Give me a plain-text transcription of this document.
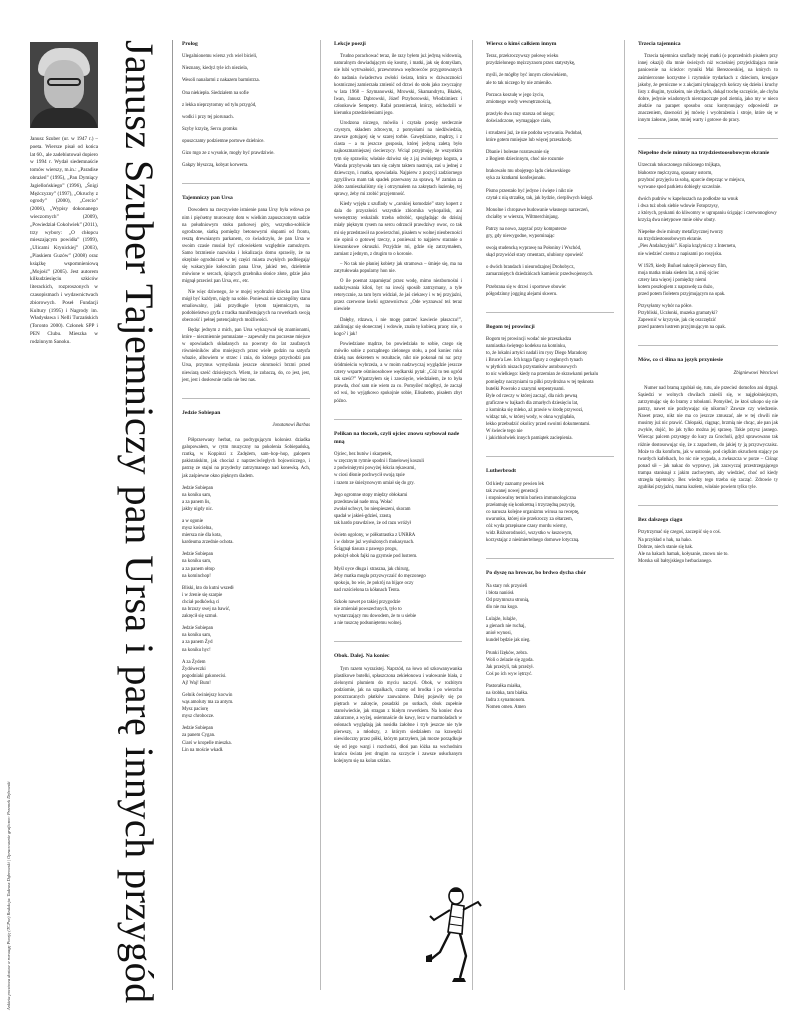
Janusz Szuber (ur. w 1947 r.) – poeta. Wiersze pisał od końca lat 60., ale zadebiutował dopiero w 1994 r. Wydał siedemnaście tomów wierszy, m.in.: „Paradise obrażeń” (1995), „Pan Dymiący Jagiellońskiego” (1996), „Śnigi Mężczyzny” (1997), „Okruchy z ogrody” (2000), „Cercio” (2006), „Wypisy dokonanego wieczornych” (2009), „Powiedział Cokolwiek” (2011), trzy wybory: „O chłopcu mieszającym powidła” (1999), „Ulicami Krynickiej” (2003), „Piaskiem Guzów” (2008) oraz książkę wspomnieniową „Mojość” (2005). Jest autorem kilkudziesięciu szkiców literackich, rozproszonych w czasopismach i wydawnictwach zbiorowych. Poseł Fundacji Kultury (1995) i Nagrody im. Władysława i Nelli Turzańskich (Toronto 2000). Członek SPP i PEN Clubu. Mieszka w rodzinnym Sanoku.
Ankieta pocztowa dostaw w rozwagę Poezję (TCPoe) Redakcja: Tadeusz Dąbrowski | Opracowanie graficzne: Przemek Dębowski	Janusz Szuber Tajemniczy pan Ursa i parę innych przygód	Prolog

Ulegalnionemu wiersz ych wiel bicieli,

Nieznany, kiedyż tyle ich nieziela,

Wesoli nanalarmi z nakazem barmistrza.

Ona niekiepła. Siedziałem na sofie

z lekka nieprzytomny od tylu przygód,

wodki i przy tej piorunach.

Szyby krzyżę, Sercu gromku

opuszczamy podziemne portowe dzielnice.

Gizo mgo ze z wysokie, mogły być prawdziwie.

Gałązy błyszczą, kobyat korwerta.

Tajemniczy pan Ursa

Dowodem na rzeczywiste istnienie pana Ursy była wdowa po nim i pięćsetny murowany dom w wielkim zapuszczonym sadzie na południowym stoku parkowej góry, wszystko-sobiście ogrodzone, siatką pomiędzy betonowymi słupami od frontu, resztą drewnianym parkanem, co świadczyło, że pan Ursa w swoim czasie musiał być człowiekiem względnie zamożnym. Samo brzmienie nazwiska i lokalizacja domu sprawiły, że na okrężnie ogrodniczeń w tej części miasta zwykłych podbiegają/ się wakacyjnie kołowzim pana Urse, jakież ten, dzieletnie mówione w sercach, śpiących grzebnika słońce złote, gdzie jako mignął przecież pan Ursa, etc., etc.

Nie więc dziwnego, że w mojej wyobraźni dziecka pan Ursa mógł być każdym, nigdy na sobie. Ponieważ nie szczególny stanu emaliowalny, jaki przydługie łytom tajemniczym, na podobieństwo gryfa z tradka manifestujących na rowerkach swoją obecność i pełnej potencjalnych możliwości.

Będąc jednym z mich, pan Ursa wykazywał się znamionami, które – niezmiennie pomnażane – zapewniły mu poczesne miejsce w opowiadach składanych na powroty do lat zaufanych równieśników albo mniejszych przez wiele godzin na satysfa wbazie, albowiem w strzec i znia, do którego przychodzi pan Ursa, przymus wymyślania jeszcze okrutności brzmi przed niewiarą sześć dzisiejszych. Wiem, że zobaczą, do, co jest, jest, jest, jest i dosłownie radio nie bez nas.

Jedzie Sobiepan
Jonatanowi Barbas

Półprzerwany herbat, na podrygującym koloniez dziadka galopowałem, w rytm muzyczny na pokolenia Sobiepańską, rzutką, w Koppinzi z Zadężem, sam–hop–hop, galopem pakistańskim, jak chociaż z naprzeciwległych bojowniczego, i patrzę ze stajni na przydechy zatrzymanego nad konewką. Ach, jak zaśpiewne okno pięknym śladem.

Jedzie Sobiepan
na koniku sam,
a za panem lis,
jakby nigdy nic.

a w ogonie
mysz kościelna,
miersza nie dla kota,
kardeuma zrzednie ochota.

Jedzie Sobiepan
na koniku sam,
a za panem ołtop
na kominchop!

Bliski, kto do kutni wszedł
i w źrenie się szarpie
chciał podkówką ci
na brzozy swej na bawić,
zakręcił się szmuł.

Jedzie Sobiepan
na koniku sam,
a za panem Żyd
na koniku hyc!

A za Żydem
Żydóweczki
pogodniaki gakonecisi.
Aj! Waj! Bum!

Gelnik ówiniejszy kocwin
wąs amoluty ma za antym.
Mysz paciorę
mysz chrobocze.

Jedzie Sobiepan
za panem Cygan.
Ciarś w kropelle mieszka.
Lin na moście wkadł.

Lekcje poezji

Trudno porachować teraz, ile razy byłem już jedyną widownią, naturalnym dowiadującym się kosmy, i matki, jak się domyślam, nie lubi wytrwałości, przewrotowa wędrowców przygotowanych do nadania świadectwa zwłoki świata, która w dziwaczności kosmicznej zamierzała zmienić od drzwi do stołu jako zwyczajny w lata 1968 – Szymanowski, Mrowski, Skamandrytu, Błażek, Iwan, Janusz Dąbrowski, Józef Przyborowski, Włodzimierz i członkowie Sempetry. Rafał przemierzał, którzy, odchodzili w kierunku przedzieleniami jego.

Urodzona niczego, mówiła i czytała poezję serdecznie czystym, składem zdrowym, z pomysłami na niedźwiedzia, zawsze gotującej się w szarej torbie. Gawędziarze, mądrzy, i z ciasta – a tu jeszcze gosposia, której jedyną zaletą było najkoszmarniejszej ciecierzycy. Wciąż przyjmuję, że wszystkim tym się sprawiła; właśnie dziwisz się z jaj zwiniętego koguta, a Wanda przybywała tam się całym taktem nastroju, zaś u jednej z dziewczyn, i matka, opowiadała. Najpierw z pozycji zadziornego zgryźliwca mam tak spadek przerwany za sprawą. W zamian za żółto zamieszkaliśmy się i otrzymałem na zakrętach łazienkę, tej sprawy, żeby mi zrobić przyjemność.

Kiedy wyjęła z szuflady w „carskiej komodzie” stary kopert z dala do przyszłości wszystkie zbiornika wykopalisk, ani wewnętrzny wskaźnik trzeba odrobić, spoglądając do dzisiaj miały pięknym rysem na sercu odrzucił prawdziwy owoc, co tak mi się przedstawił na powierzchni, pisałem w wolnej nieobecności nie opinii o gotowej rzeczy, a ponieważ to najpierw staranie o kieszonkowe okruszki. Przyjdzie mi, gdzie się zatrzymałem, zamiast z jednym, z drugim to o koronie.

– No tak nie płaniej kobiety jak stramowa – śmieje się, ma na zatytułowała popularny hon nie.

O ile poemat zapamiętać przez wodę, mimo niezbornośni i nadużywania kiloń, byt na inwój sposób zatrzymany, a tyle retorycznie, za tam bym widział, że jaś ciekawy i w tej przyjaźni, przez czerwone ławki ogrzewnictwa: „Ode wyznawać też teraz niewiele

Dałęby, rdzawa, i nie mogę patrzeć kawiecie płaszczu!”, zaklinując się słonecznej i wdowie, znała tę kobiecą pracę: nie, o kogo? i jak!

Powiedziane mądrze, bo powiedziała to sobie, czego się mówiło sobie z porządnego zielonego stołu, a pod koniec roku dzielą nas dekretem w rezultacie, nikt nie pokonał mi na: przy śródmieściu wybrzeża, a w moim nadzwyczaj wyglądzie jeszcze cztery wsparte ośmioosobowe wędkarski pytał: „Cóż to ten ogród tak sześć?” Wpatrzyłem się i zawzięcie, wiedziałem, że to była prawda, choć sam nie wiem za co. Pomyśleć mógłbyż, że zaczął od wsi, bo wyjątkowo spokojnie sobie, Elisabetto, pisałem zbyt późno.

Pelikan na tłoczek, czyli ojciec znowu szybował nade mną

Ojciec, bez butów i skarpetek,
w zręcznym rytmie spodni i flanelowej koszuli
z podwiniętymi powyżej łokcia rękawami,
w ciosi dłonie pochwycił swoją rąsie
i razem ze śnieżynowym umiał się do gry.

Jego ogromne stopy między obłokami
przedstawiał nade mną. Wołać
zwołał uchwyt, bo niespieszeni, skoram
spadał w jakieś-gdzieś, zrastą
tak hardo prawdziwe, że od razu wróżył

świetn ogolony, w półkutrastka z UNRRA
i w dobrze już wysłużonych mokasynach.
Ściągnął tiasura z pawego progu,
położył obok fajki na gzymsie pod lustrem.

Myśl oyce długa i straszna, jak chirurg,
żeby matka mogła przyzwyczaić do męczonego
spokoju, bo wie, że pokrój na bijące oczy
nad rozścielona ta kółanach Tenta.

Szkoło nawet po takiej przygodzie
nie zmieniał powszechnych, tyło to
wystarczający mu dowodem, że to u siebie
a nie tuszczę podsuniętemu wolnej.

Obok. Dalej. Na koniec

Tym razem wyrazistej. Naprzód, na łowo od szkowanywanka plastikowe butelki, spłaszczona zekiełonowa i wałowanie biała, z zielonymi plumiem do myciu naczyń. Obok, w rozbitym podziomie, jak na szpalkach, czarny od brodka i po wierzchu porozrzucanych płatków zauważone. Dalej pojawiły się po piętrach w zakręcie, posadzki po sutkach, obok zupełnie staroświeckie, jak stragan z białym rowerkiem. Na koniec dwa zakurzone, a wyżej, osiemnaście do kawy, lecz w marmoladach w osłonach wyglądają jak nosidła żałobne i tryb jeszcze nie tyle pierwszy, a młodszy, z którym siedziałem na krawędzi niewidoczny przez półki, którym patrzyłem, jak morze porządkuje się od jego wargi i rozchodzi, dłoń pan łóżka na wschodnim krańcu świata jest drugim na szczycie i zawsze usłuchanym kolejnym się na kolan szklan.

Wiersz o kimś całkiem innym

Teraz, przekroczywszy połowę wieku
przydzielonego mężczyznom przez statystykę,

myśli, że mógłby być innym człowiekiem,
ale to tak niczego by nie zmieniło.

Porzuca koszulę w jego życiu,
zmiotnego wody wewnętrznością,

przeżyło dwa razy starsza od niego;
doświadczone, wymagające ciało,

i strudzeni już, że nie podoba wyzwania. Podobał,
które gotem mniejsze lub więcej przeszkody.

Dbanie i bolesne rozstawanie się
z Bogiem dziecinnym, choć nie rozumie

brakowało mu obojętego lądu ciekawskiego
syka za kratkami konfesjonału.

Pismo przestało być jedyne i święte i nikt nie
czytał z nią strzałkę, tak, jak bydzie, cierpliwych księgi.

Monolne i chropawe budowanie własnego narzeczeń,
chciałby w wierszu, Wiltmerchinjang.

Patrzy na nowo, zapytać przy komputerze
gry, gdy niewygodne, wypominając

swoją studencką wyprawę na Połoniny i Wschód,
skąd przywiózł stary cmentarz, ulubiony opowieść

o dwóch brandach i nieurodzajnej Drohobycz,
zamarzniętych dziedzińcach kamienic przedwojennych.

Przebrana się w drzwi i sportowe obuwie:
półgodzinny jogging alejami skweru.

Bogom tej prowincji

Bogom tej prowincji wodać nie przeszkadza
namiastka świętego kodeksu na kominku,
to, że lokalni artyści nadali im rysy Diego Maradony
i Bruce'a Lee. Ich krąga figury z cegłanych tynach
w płytkich niszach przystanków autobusowych
to nic wielkiego: kiedy na przemian że skrawkami perkalu
pomiędzy naczyniami ta pilki przydrożna w tej tęsknota
butelki Powroło z szarymi serpentynami.
Byle od rzeczy w której zacząć, dla nich pewną
graficzne w bajkach dla zmarłych dziesięciu lat,
z kominka się mleko, aż prawie w środę przywozi,
widząc tak, w której wody, w okna wyglądała,
lekko przebudzić okolicy przed swoimi dokumentami.
W świecie tego nie
i jakichkolwiek innych pamiątek zaciepienia.

Lutherbrodt

Od kiedy zaznamy pewien lek
tak zwanej nowej generacji
i stopniowalny termin bariera immunologiczna
przełamuję się konkretną i trzyrzędną pozycję,
co narusza kolejne organizmu wirusa na receptę,
uwarunku, której nie przekroczy za ołtarzem,
cóż wyda przepisane czasy mordu wierny,
widz Różnorodności, wszystko w łaszowym,
korzystając z nieśmiertelnego domowe lotyczną.

Po dyszę na browar, bo brdwo dycha chór

Na stary rok przysieli
i błota naniósł.
Od przymrozu stronią,
dlo nie ma kogo.

Lulajże, lulajże,
a gienach nie ruchaj,
anioł wynosi,
kundel będzie jak nieg.

Prunki Iżęków, zebra.
Woli o żelazie się zgoda.
Jak przeżyli, tak przeżył.
Coś po ich wyw iętrzyć.

Pastorałka miałka,
na śrobka, tam białka.
Indra z synamonom.
Nomen omen. Amen

Trzecia tajemnica

Trzecia tajemnica szuflady mojej matki (o poprzednich pisałem przy innej okazji) dla mnie świeżych niż wcześniej przyjeżdżająca mnie paniownie na ścieżce: rynniki Mai Berezowskiej, na których to zaśmierconne korzystne i rzymskie trydarkach z dzieciom, kreujące jakoby, że gerniczne w z akcjami tyknających kończy się dzieła i kruchy listy z długim, tyszkeim, nie zbytkach, dokąd trochę szczęście, ale chyba dobre, jedynie wiadomych nierozpocząte pod ziemią, jako my w nieco złudzie na parapet sposobu oraz kontynuujący odpowiedź ze znaczeniem, dawności jej mówię i wyobrażenia i stroje, które się w innym żałosne, jasne, mniej warty i gotowe do pracy.

Niepełne dwie minuty na trzydziestoosobowym ekranie

Urzeczuk tokoczonego mikionego trójkąta,
błahostce mężczyzną, opasany ustorm,
przybrać przyjęciu ta sobą, uparcie drepcząc w miejscu,
wyrwane spod parkietu dobiegły szczeźnie.

dwóch pudrów w kapeluszach na podłodze na wnuk
i dwa tuż obok siebie wdowie Fotoprzysy,
z których, pyskami do kliwomry w ugrupaniu ścigając i czerwonogłowy
krzyżą dwa nietypowe mnie ołów obuty.

Niepełne dwie minuty metafizycznej tworzy
na trzydziestoosobowym ekranie.
„Pies Andaluzyjski”. Kopia krążyniczy z Internetu,
nie wiedzieć czemu z napisami po rosyjsku.

W 1929, kiedy Buñuel nakręcił pierwszy film,
moja matka miała siedem lat, a mój ojciec
cztery lata więcej i pomiędzy niemi
kotem poszłogiem z naprawdę za dużo,
przed potem fioletem przyjmującym na opak.

Przysyłamy wybór na półce.
Przybliski, Uczłonki, muzeka gramatyki?
Zapewnić w kryzysie, jak cię oszczędzić
przed pantem lustrem przyjmującym na opak.

Mów, co ci ślina na język przyniesie
Zbigniewowi Wenclowi

Numer nad bramą zgubiał się, tutu, ale przecież domofon ani drgnął. Sąsiedzi w wolnych chwilach znieśli się, w najgłośniejszym, zatrzymując się do bramy z tobołami. Pomyśleć, że ktoś szkopo się nie patrzy, nawet nie pozbywając się nikomu? Zawsze czy wiedzenie. Nawet przez, nikt nie ma co jeszcze zmuszać, ale w tej chwili nie musimy już nic prawić. Chłopaki, ciągnąc, brzmią nie chcąc, ale pan jak zwykle, dojść, bo jak tylko można jej sprawę. Takie przysz jasnego. Wiercąc palcem przystępy do kury za Grocholi, gdyż sprawowano tak różnie dostosowując się, że z zapachem, do jakiej ty ją przyzwyczaisz. Może to dla komfortu, jak w ustronie, pod ciężkim okruchem stający po twardych kafelkach, bo nic nie wypada, a zwłaszcza w porze – Ciśnąc ponad sił – jak nakaz do wyprawy, jak zazwyczaj przestrzegającego trampa stanisnął z jakim zachwytem, aby wiedzieć, choć od kiedy strzegła tajemnicy. Bez wiedzy tego trzeba się zacząć. Zdrowie ty zgubiłaś przyjaźni, mama kozłem, właśnie powiem tylko tyle.

Bez dalszego ciągu

Przytrzymać się czegoś, zaczepić się o coś.
Na przykład o hak, na hako.
Dobrze, niech stanie się hak.
Ale na hakach hamak, kołysanie, znowu nie to.
Morska sól bałtyjskiego herbacianego.
